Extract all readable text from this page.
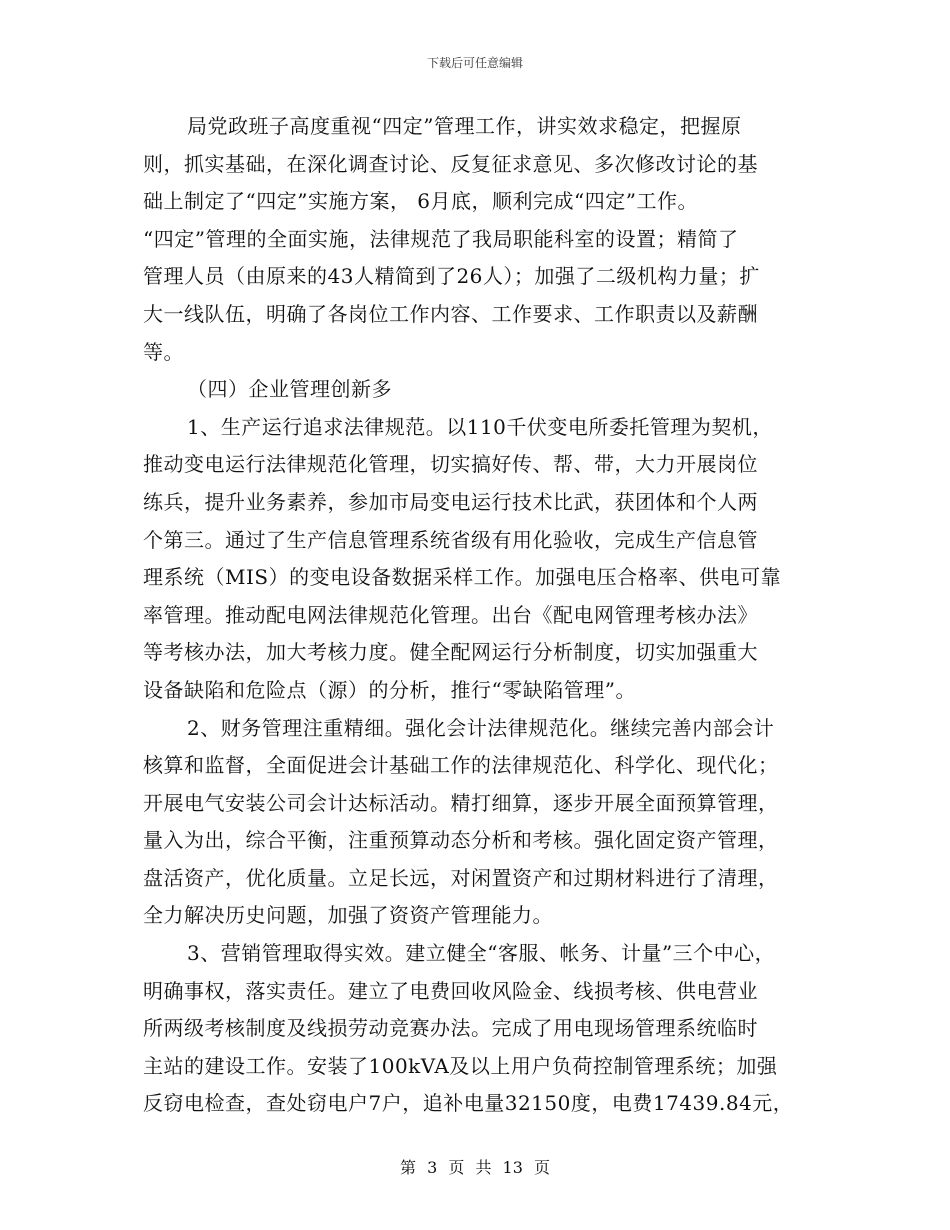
下载后可任意编辑
局党政班子高度重视“四定”管理工作，讲实效求稳定，把握原
则，抓实基础，在深化调查讨论、反复征求意见、多次修改讨论的基
础上制定了“四定”实施方案， 6月底，顺利完成“四定”工作。
“四定”管理的全面实施，法律规范了我局职能科室的设置；精简了
管理人员（由原来的43人精简到了26人）；加强了二级机构力量；扩
大一线队伍，明确了各岗位工作内容、工作要求、工作职责以及薪酬
等。
（四）企业管理创新多
1、生产运行追求法律规范。以110千伏变电所委托管理为契机，
推动变电运行法律规范化管理，切实搞好传、帮、带，大力开展岗位
练兵，提升业务素养，参加市局变电运行技术比武，获团体和个人两
个第三。通过了生产信息管理系统省级有用化验收，完成生产信息管
理系统（MIS）的变电设备数据采样工作。加强电压合格率、供电可靠
率管理。推动配电网法律规范化管理。出台《配电网管理考核办法》
等考核办法，加大考核力度。健全配网运行分析制度，切实加强重大
设备缺陷和危险点（源）的分析，推行“零缺陷管理”。
2、财务管理注重精细。强化会计法律规范化。继续完善内部会计
核算和监督，全面促进会计基础工作的法律规范化、科学化、现代化；
开展电气安装公司会计达标活动。精打细算，逐步开展全面预算管理，
量入为出，综合平衡，注重预算动态分析和考核。强化固定资产管理，
盘活资产，优化质量。立足长远，对闲置资产和过期材料进行了清理，
全力解决历史问题，加强了资资产管理能力。
3、营销管理取得实效。建立健全“客服、帐务、计量”三个中心，
明确事权，落实责任。建立了电费回收风险金、线损考核、供电营业
所两级考核制度及线损劳动竞赛办法。完成了用电现场管理系统临时
主站的建设工作。安装了100kVA及以上用户负荷控制管理系统；加强
反窃电检查，查处窃电户7户，追补电量32150度，电费17439.84元，
第 3 页 共 13 页
